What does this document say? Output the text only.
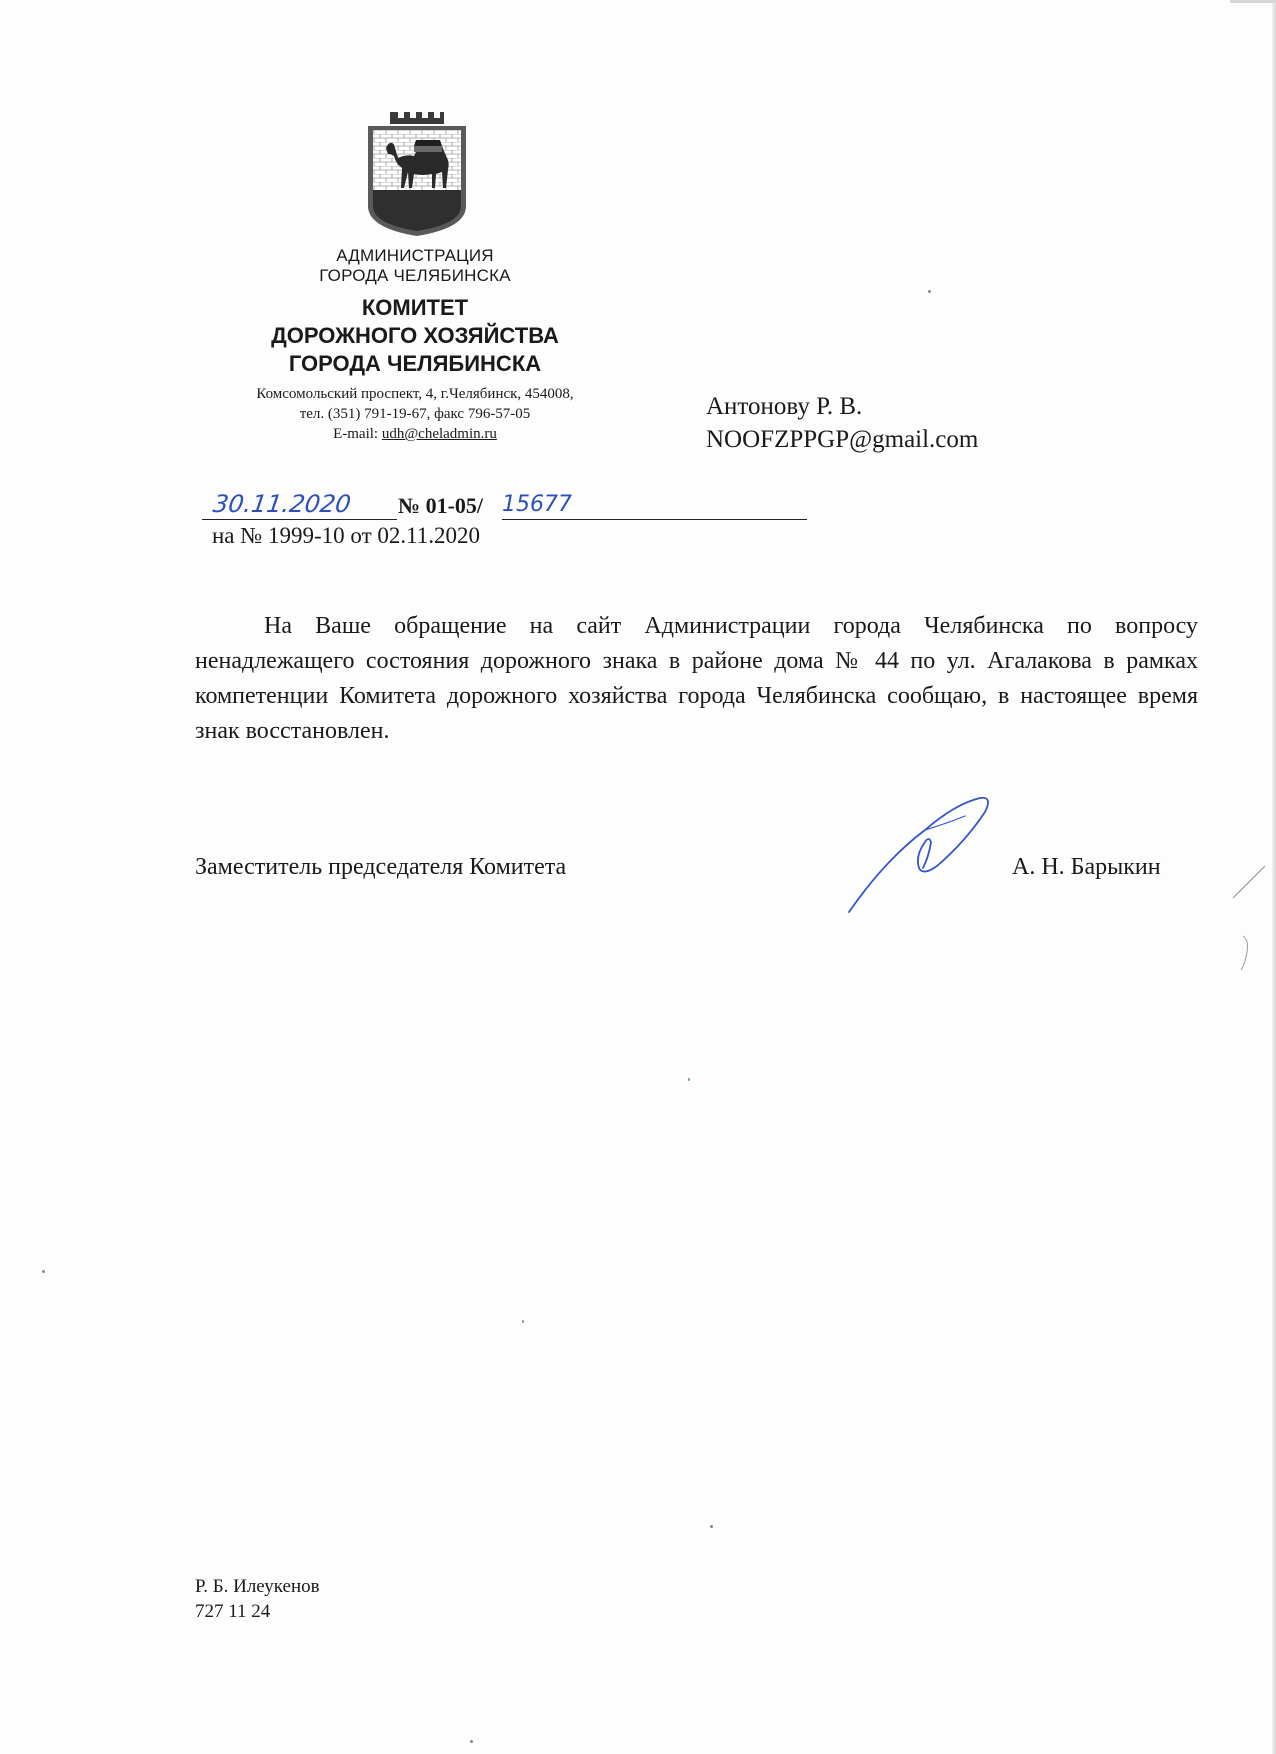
АДМИНИСТРАЦИЯ
ГОРОДА ЧЕЛЯБИНСКА
КОМИТЕТ
ДОРОЖНОГО ХОЗЯЙСТВА
ГОРОДА ЧЕЛЯБИНСКА
Комсомольский проспект, 4, г.Челябинск, 454008,
тел. (351) 791-19-67, факс 796-57-05
E-mail: udh@cheladmin.ru
Антонову Р. В.
NOOFZPPGP@gmail.com
30.11.2020	№ 01-05/ 15677
на № 1999-10 от 02.11.2020

На Ваше обращение на сайт Администрации города Челябинска по вопросу ненадлежащего состояния дорожного знака в районе дома № 44 по ул. Агалакова в рамках компетенции Комитета дорожного хозяйства города Челябинска сообщаю, в настоящее время знак восстановлен.

Заместитель председателя Комитета	А. Н. Барыкин
Р. Б. Илеукенов
727 11 24
